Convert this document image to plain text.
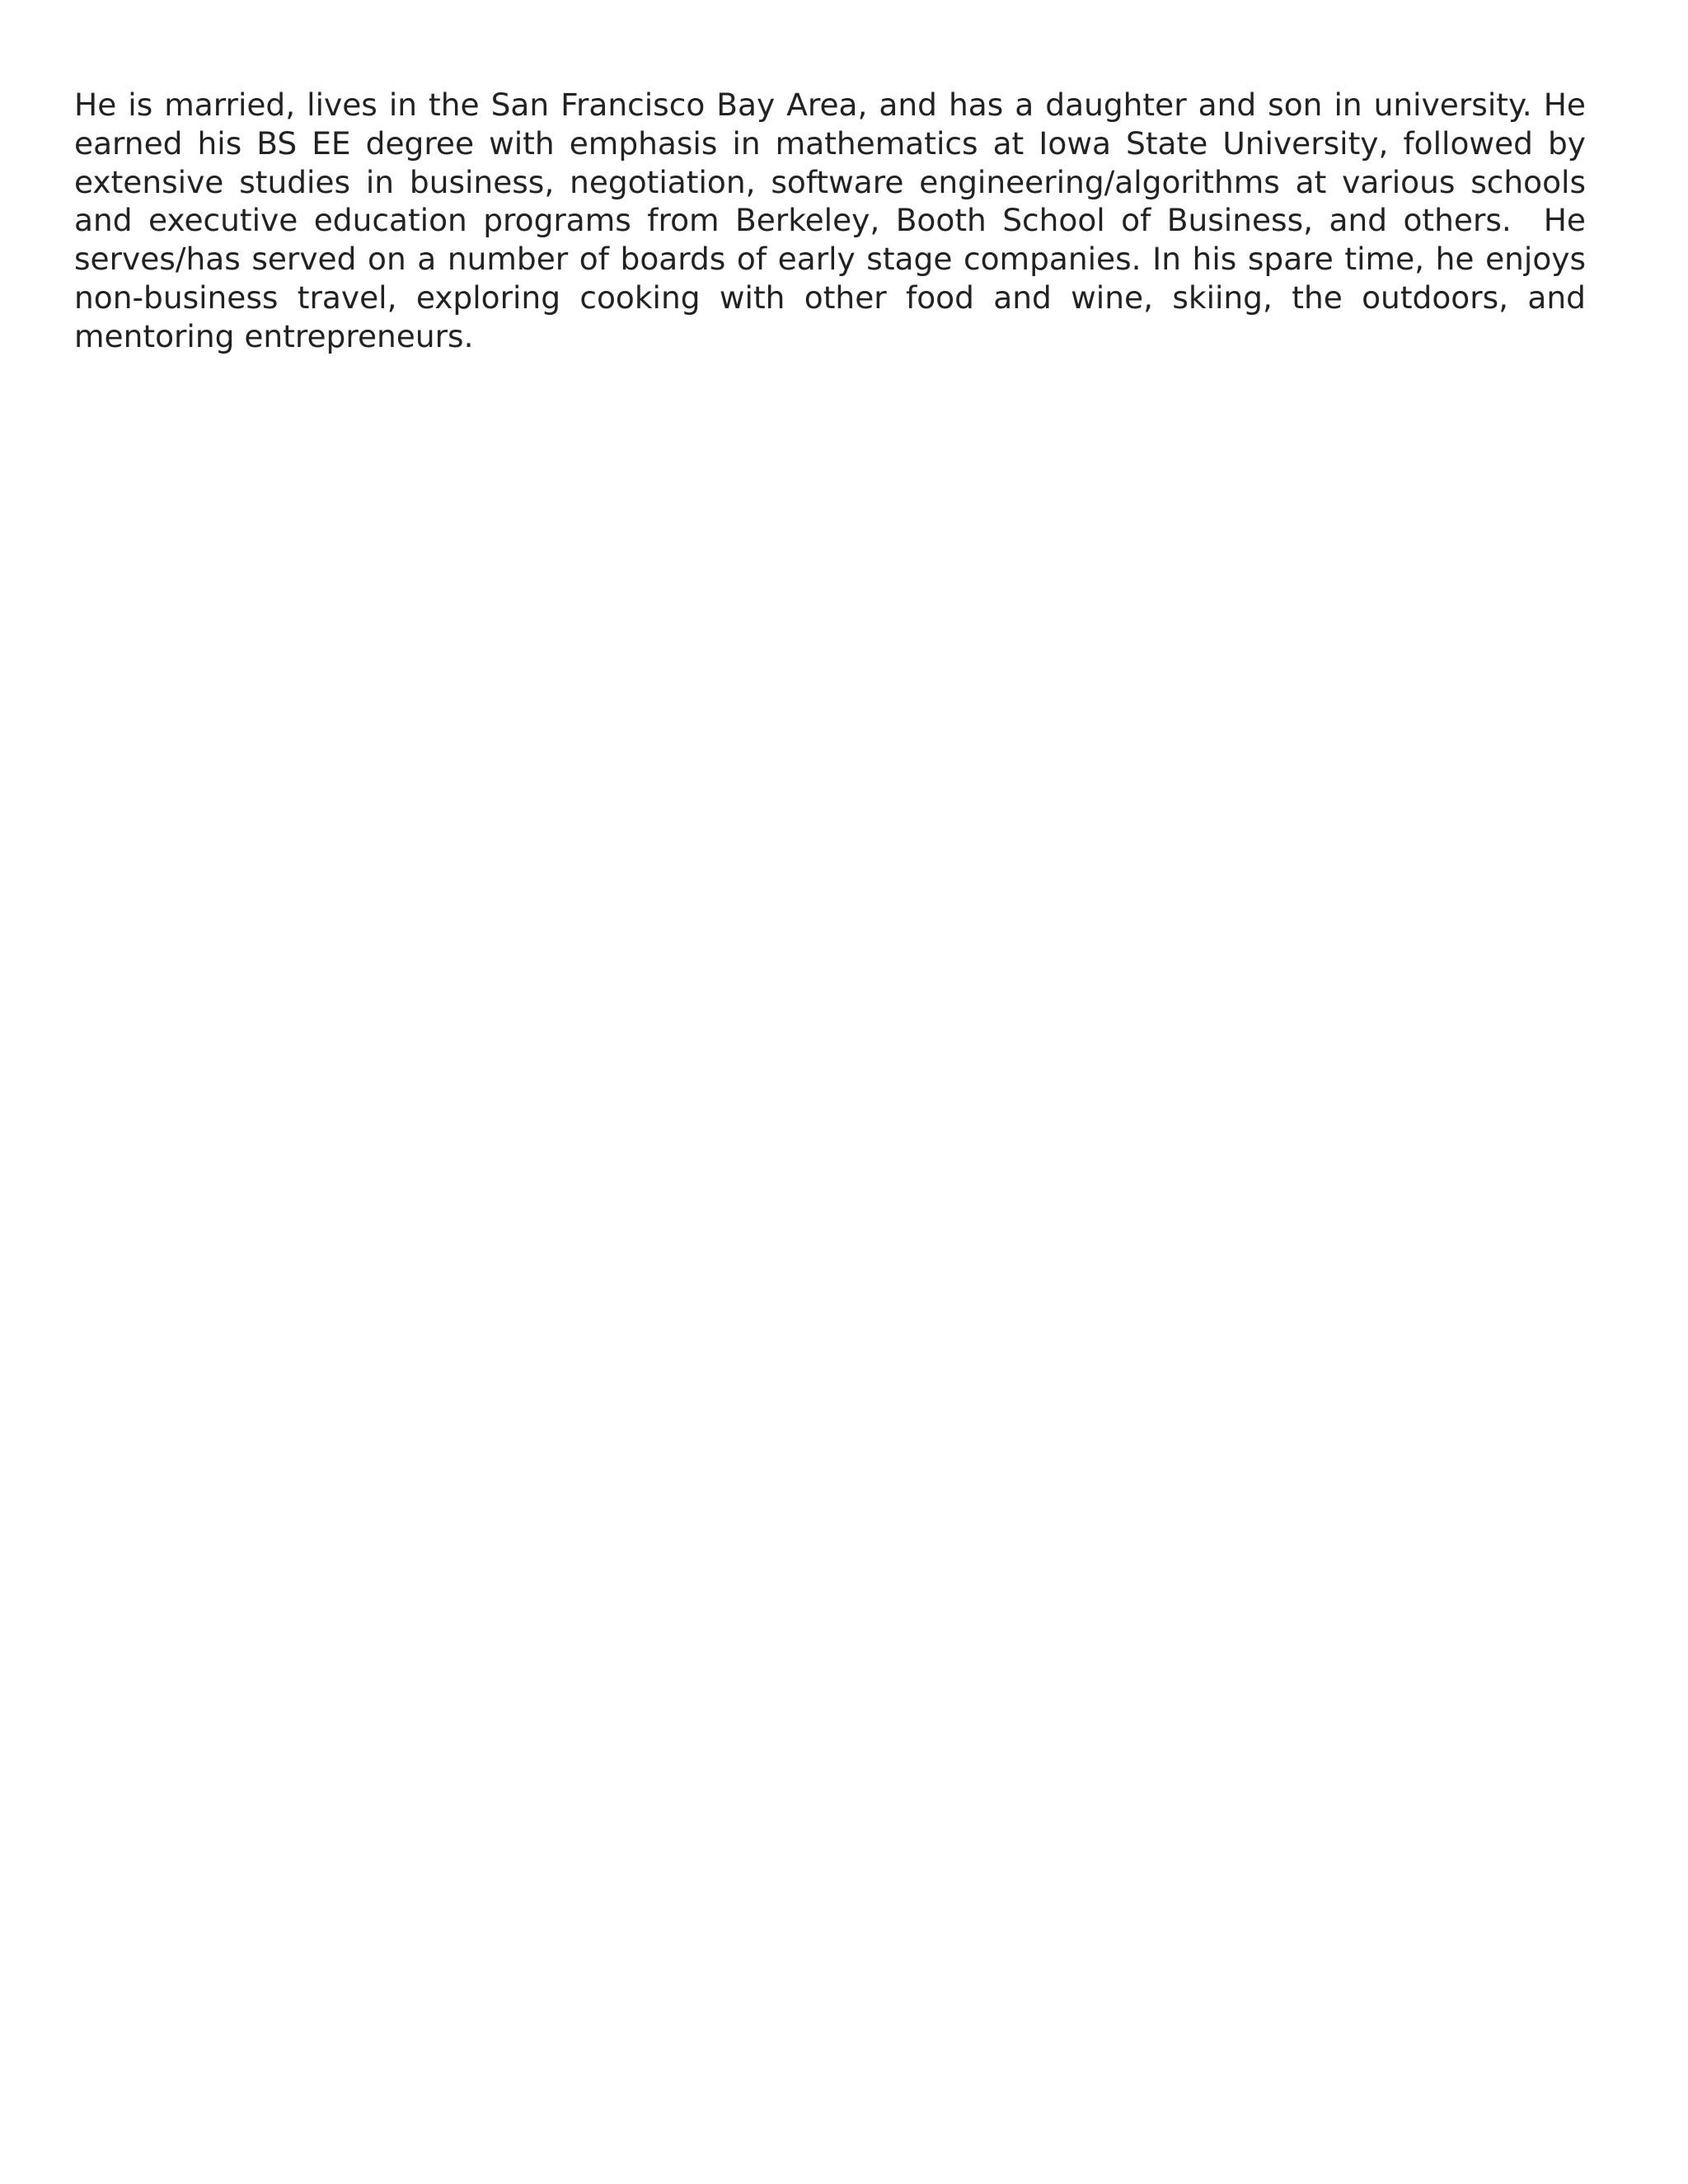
He is married, lives in the San Francisco Bay Area, and has a daughter and son in university. He earned his BS EE degree with emphasis in mathematics at Iowa State University, followed by extensive studies in business, negotiation, software engineering/algorithms at various schools and executive education programs from Berkeley, Booth School of Business, and others.  He serves/has served on a number of boards of early stage companies. In his spare time, he enjoys non-business travel, exploring cooking with other food and wine, skiing, the outdoors, and mentoring entrepreneurs.
